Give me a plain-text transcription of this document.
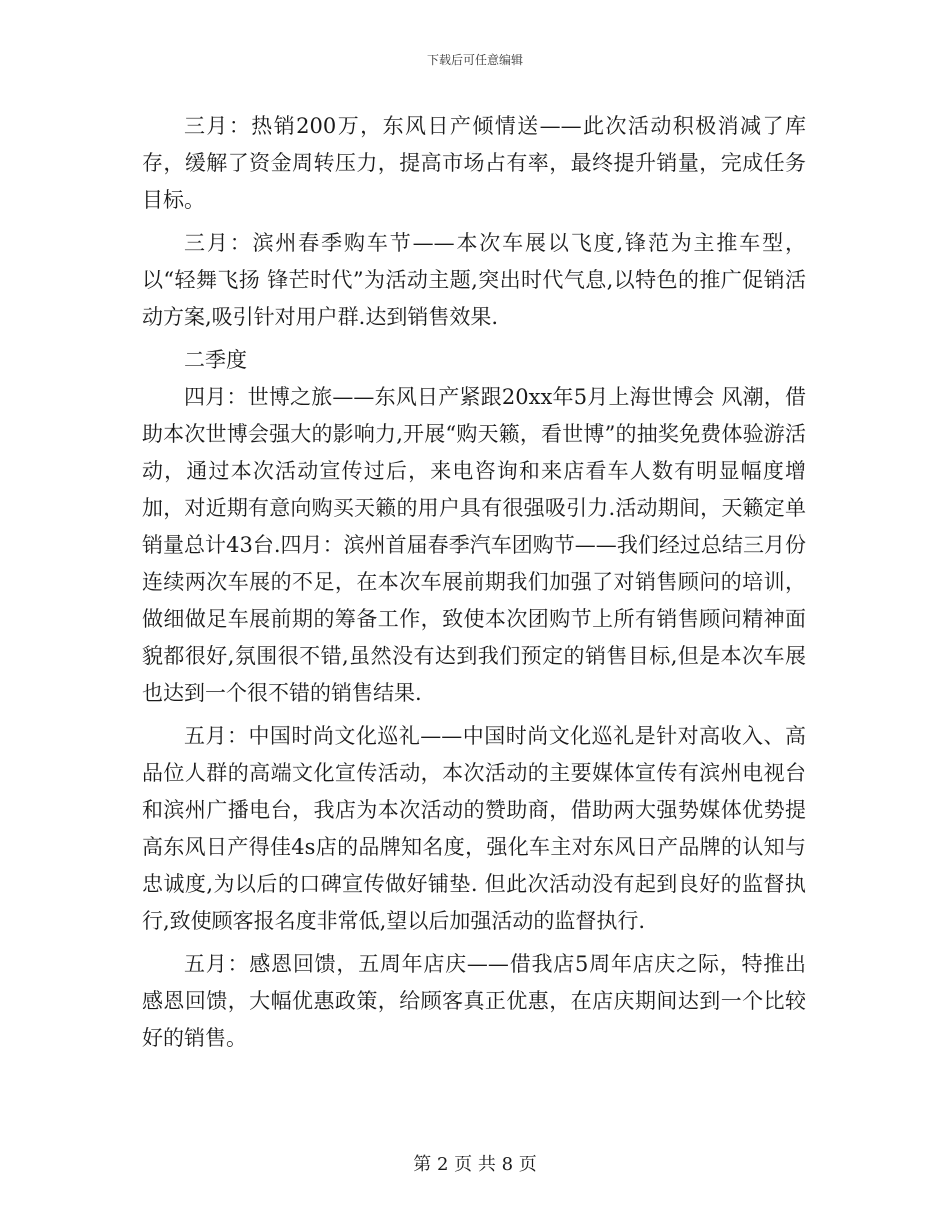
下载后可任意编辑

三月：热销200万，东风日产倾情送——此次活动积极消减了库存，缓解了资金周转压力，提高市场占有率，最终提升销量，完成任务目标。

三月：滨州春季购车节——本次车展以飞度,锋范为主推车型，以“轻舞飞扬 锋芒时代”为活动主题,突出时代气息,以特色的推广促销活动方案,吸引针对用户群.达到销售效果.

二季度

四月：世博之旅——东风日产紧跟20xx年5月上海世博会 风潮，借助本次世博会强大的影响力,开展“购天籁，看世博”的抽奖免费体验游活动，通过本次活动宣传过后，来电咨询和来店看车人数有明显幅度增加，对近期有意向购买天籁的用户具有很强吸引力.活动期间，天籁定单销量总计43台.四月：滨州首届春季汽车团购节——我们经过总结三月份连续两次车展的不足，在本次车展前期我们加强了对销售顾问的培训，做细做足车展前期的筹备工作，致使本次团购节上所有销售顾问精神面貌都很好,氛围很不错,虽然没有达到我们预定的销售目标,但是本次车展也达到一个很不错的销售结果.

五月：中国时尚文化巡礼——中国时尚文化巡礼是针对高收入、高品位人群的高端文化宣传活动，本次活动的主要媒体宣传有滨州电视台和滨州广播电台，我店为本次活动的赞助商，借助两大强势媒体优势提高东风日产得佳4s店的品牌知名度，强化车主对东风日产品牌的认知与忠诚度,为以后的口碑宣传做好铺垫. 但此次活动没有起到良好的监督执行,致使顾客报名度非常低,望以后加强活动的监督执行.

五月：感恩回馈，五周年店庆——借我店5周年店庆之际，特推出感恩回馈，大幅优惠政策，给顾客真正优惠，在店庆期间达到一个比较好的销售。

第 2 页 共 8 页
